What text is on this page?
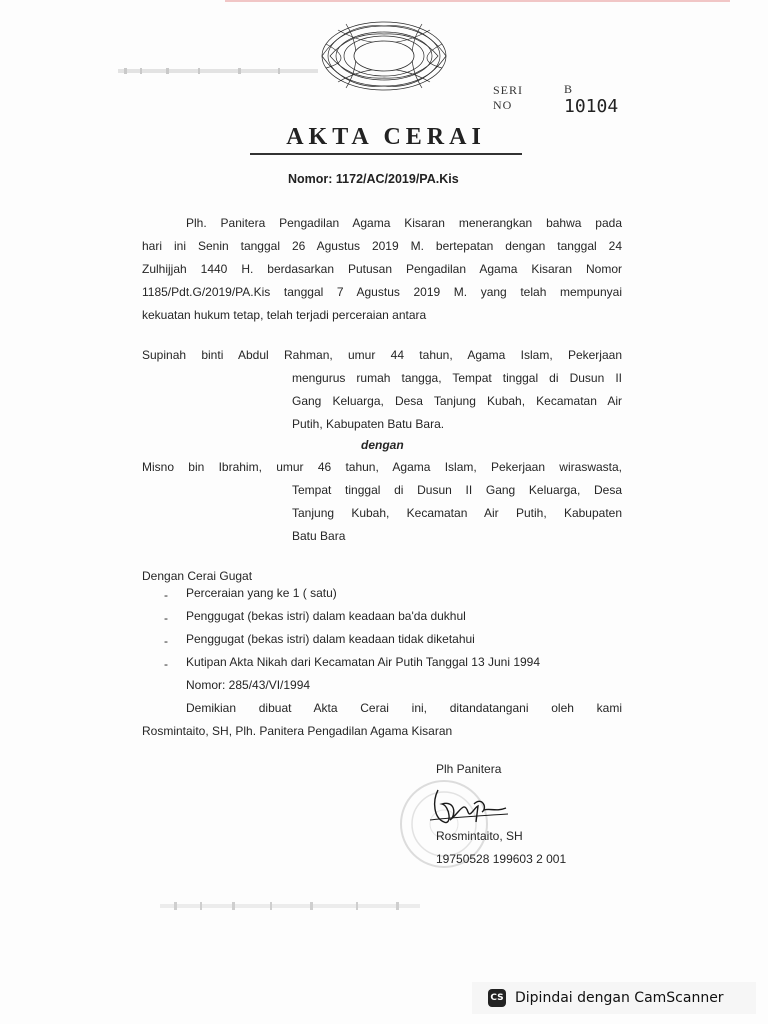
SERI	B
NO	10104
AKTA CERAI
Nomor: 1172/AC/2019/PA.Kis
Plh. Panitera Pengadilan Agama Kisaran menerangkan bahwa pada
hari ini Senin tanggal 26 Agustus 2019 M. bertepatan dengan tanggal 24
Zulhijjah 1440 H. berdasarkan Putusan Pengadilan Agama Kisaran Nomor
1185/Pdt.G/2019/PA.Kis tanggal 7 Agustus 2019 M. yang telah mempunyai
kekuatan hukum tetap, telah terjadi perceraian antara
Supinah binti Abdul Rahman, umur 44 tahun, Agama Islam, Pekerjaan
mengurus rumah tangga, Tempat tinggal di Dusun II
Gang Keluarga, Desa Tanjung Kubah, Kecamatan Air
Putih, Kabupaten Batu Bara.
dengan
Misno bin Ibrahim, umur 46 tahun, Agama Islam, Pekerjaan wiraswasta,
Tempat tinggal di Dusun II Gang Keluarga, Desa
Tanjung Kubah, Kecamatan Air Putih, Kabupaten
Batu Bara
Dengan Cerai Gugat
- Perceraian yang ke 1 ( satu)
- Penggugat (bekas istri) dalam keadaan ba'da dukhul
- Penggugat (bekas istri) dalam keadaan tidak diketahui
- Kutipan Akta Nikah dari Kecamatan Air Putih Tanggal 13 Juni 1994
Nomor: 285/43/VI/1994
Demikian dibuat Akta Cerai ini, ditandatangani oleh kami
Rosmintaito, SH, Plh. Panitera Pengadilan Agama Kisaran
Plh Panitera
Rosmintaito, SH
19750528 199603 2 001
CS Dipindai dengan CamScanner
